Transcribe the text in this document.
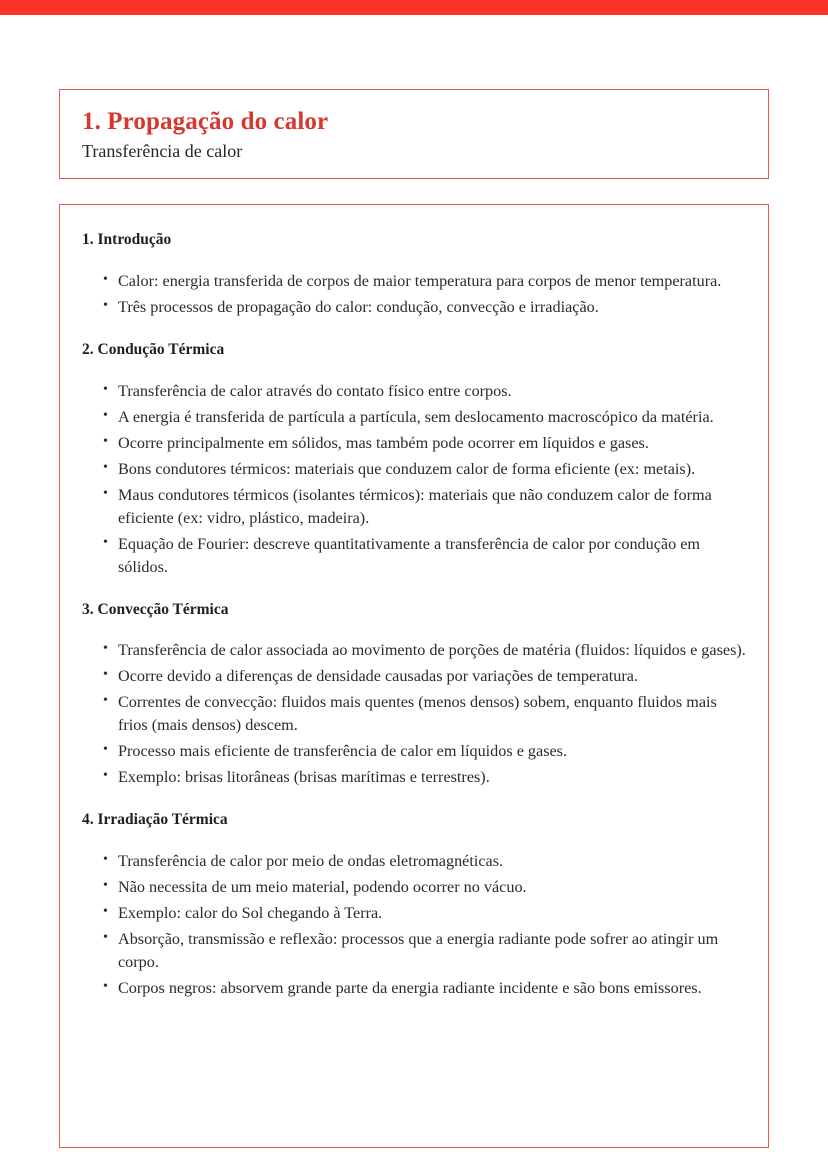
1. Propagação do calor

Transferência de calor

1. Introdução
• Calor: energia transferida de corpos de maior temperatura para corpos de menor temperatura.
• Três processos de propagação do calor: condução, convecção e irradiação.
2. Condução Térmica
• Transferência de calor através do contato físico entre corpos.
• A energia é transferida de partícula a partícula, sem deslocamento macroscópico da matéria.
• Ocorre principalmente em sólidos, mas também pode ocorrer em líquidos e gases.
• Bons condutores térmicos: materiais que conduzem calor de forma eficiente (ex: metais).
• Maus condutores térmicos (isolantes térmicos): materiais que não conduzem calor de forma eficiente (ex: vidro, plástico, madeira).
• Equação de Fourier: descreve quantitativamente a transferência de calor por condução em sólidos.
3. Convecção Térmica
• Transferência de calor associada ao movimento de porções de matéria (fluidos: líquidos e gases).
• Ocorre devido a diferenças de densidade causadas por variações de temperatura.
• Correntes de convecção: fluidos mais quentes (menos densos) sobem, enquanto fluidos mais frios (mais densos) descem.
• Processo mais eficiente de transferência de calor em líquidos e gases.
• Exemplo: brisas litorâneas (brisas marítimas e terrestres).
4. Irradiação Térmica
• Transferência de calor por meio de ondas eletromagnéticas.
• Não necessita de um meio material, podendo ocorrer no vácuo.
• Exemplo: calor do Sol chegando à Terra.
• Absorção, transmissão e reflexão: processos que a energia radiante pode sofrer ao atingir um corpo.
• Corpos negros: absorvem grande parte da energia radiante incidente e são bons emissores.
